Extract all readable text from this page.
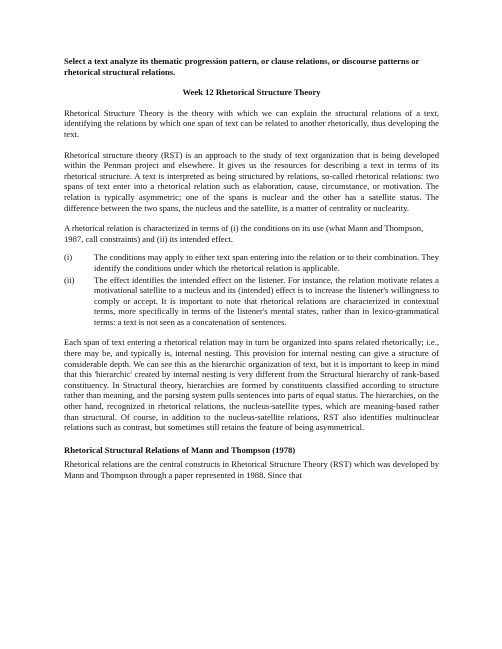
Select a text analyze its thematic progression pattern, or clause relations, or discourse patterns or rhetorical structural relations.

Week 12 Rhetorical Structure Theory

Rhetorical Structure Theory is the theory with which we can explain the structural relations of a text, identifying the relations by which one span of text can be related to another rhetorically, thus developing the text.

Rhetorical structure theory (RST) is an approach to the study of text organization that is being developed within the Penman project and elsewhere. It gives us the resources for describing a text in terms of its rhetorical structure. A text is interpreted as being structured by relations, so-called rhetorical relations: two spans of text enter into a rhetorical relation such as elaboration, cause, circumstance, or motivation. The relation is typically asymmetric; one of the spans is nuclear and the other has a satellite status. The difference between the two spans, the nucleus and the satellite, is a matter of centrality or nuclearity.

A rhetorical relation is characterized in terms of (i) the conditions on its use (what Mann and Thompson, 1987, call constraints) and (ii) its intended effect.

(i)	The conditions may apply to either text span entering into the relation or to their combination. They identify the conditions under which the rhetorical relation is applicable.
(ii)	The effect identifies the intended effect on the listener. For instance, the relation motivate relates a motivational satellite to a nucleus and its (intended) effect is to increase the listener's willingness to comply or accept. It is important to note that rhetorical relations are characterized in contextual terms, more specifically in terms of the listener's mental states, rather than in lexico-grammatical terms: a text is not seen as a concatenation of sentences.

Each span of text entering a rhetorical relation may in turn be organized into spans related rhetorically; i.e., there may be, and typically is, internal nesting. This provision for internal nesting can give a structure of considerable depth. We can see this as the hierarchic organization of text, but it is important to keep in mind that this 'hierarchic' created by internal nesting is very different from the Structural hierarchy of rank-based constituency. In Structural theory, hierarchies are formed by constituents classified according to structure rather than meaning, and the parsing system pulls sentences into parts of equal status. The hierarchies, on the other hand, recognized in rhetorical relations, the nucleus-satellite types, which are meaning-based rather than structural. Of course, in addition to the nucleus-satellite relations, RST also identifies multinuclear relations such as contrast, but sometimes still retains the feature of being asymmetrical.

Rhetorical Structural Relations of Mann and Thompson (1978)

Rhetorical relations are the central constructs in Rhetorical Structure Theory (RST) which was developed by Mann and Thompson through a paper represented in 1988. Since that
